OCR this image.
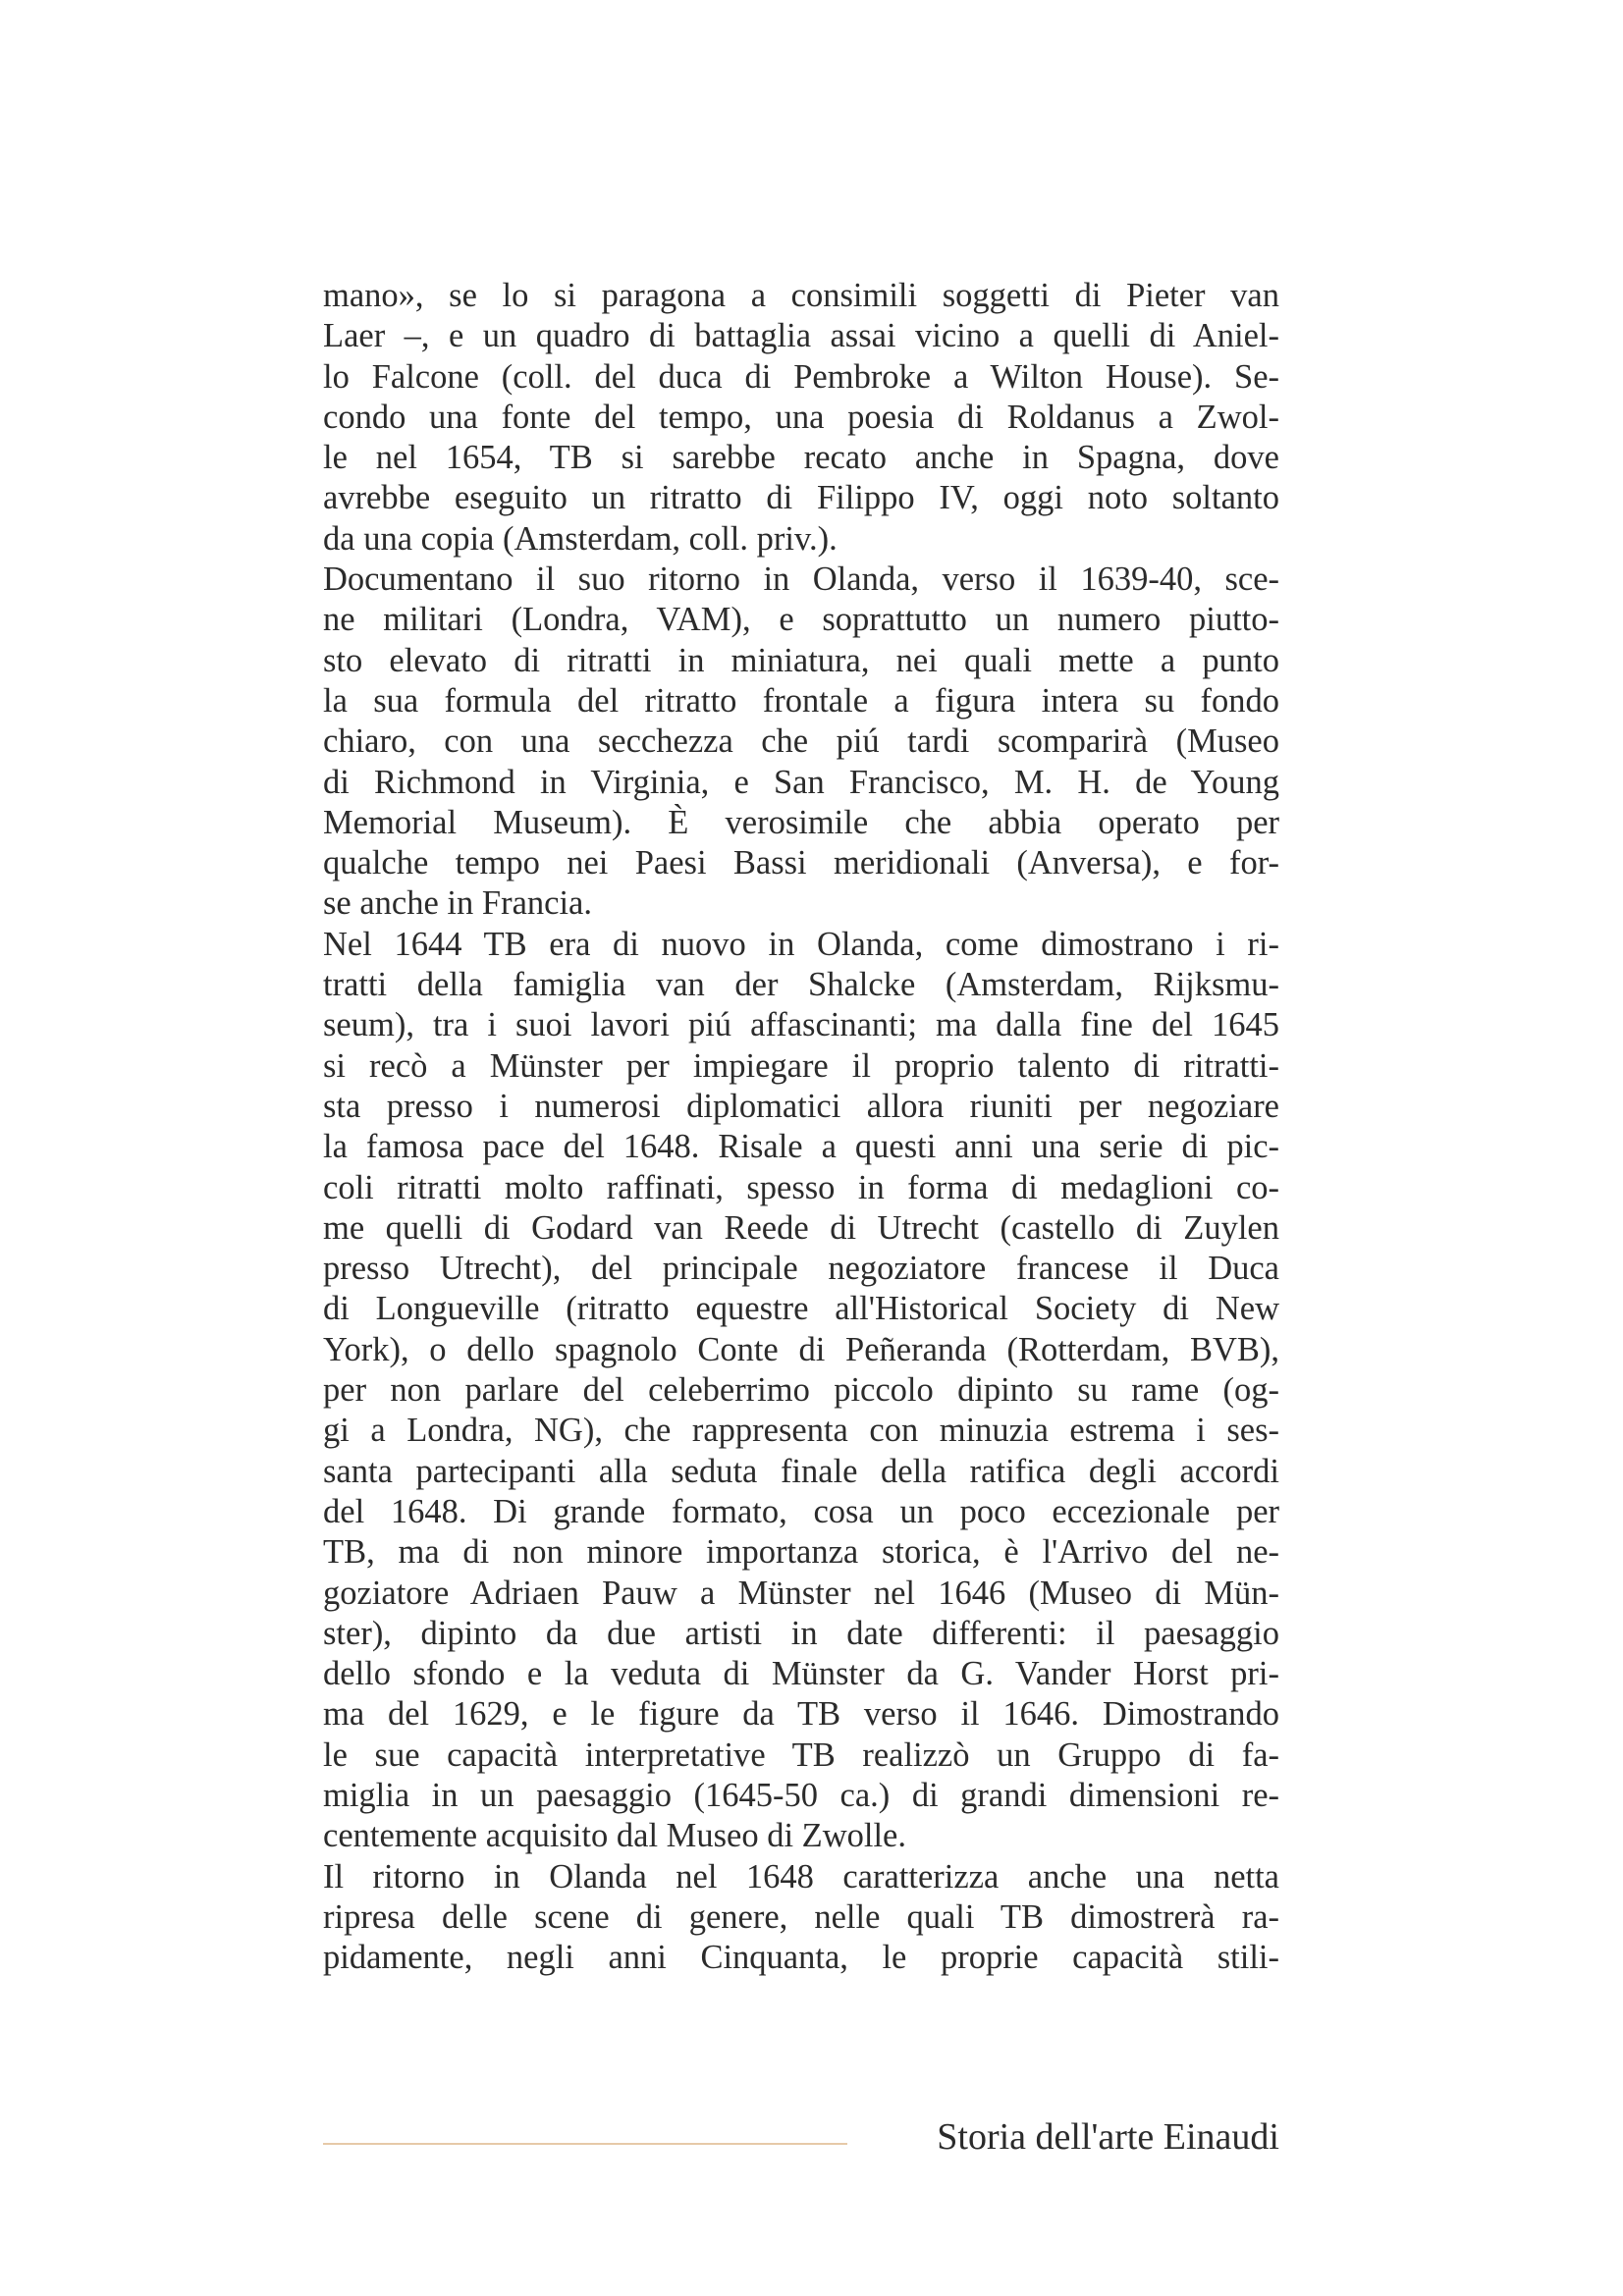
mano», se lo si paragona a consimili soggetti di Pieter van
Laer –, e un quadro di battaglia assai vicino a quelli di Aniel-
lo Falcone (coll. del duca di Pembroke a Wilton House). Se-
condo una fonte del tempo, una poesia di Roldanus a Zwol-
le nel 1654, TB si sarebbe recato anche in Spagna, dove
avrebbe eseguito un ritratto di Filippo IV, oggi noto soltanto
da una copia (Amsterdam, coll. priv.).
Documentano il suo ritorno in Olanda, verso il 1639-40, sce-
ne militari (Londra, VAM), e soprattutto un numero piutto-
sto elevato di ritratti in miniatura, nei quali mette a punto
la sua formula del ritratto frontale a figura intera su fondo
chiaro, con una secchezza che piú tardi scomparirà (Museo
di Richmond in Virginia, e San Francisco, M. H. de Young
Memorial Museum). È verosimile che abbia operato per
qualche tempo nei Paesi Bassi meridionali (Anversa), e for-
se anche in Francia.
Nel 1644 TB era di nuovo in Olanda, come dimostrano i ri-
tratti della famiglia van der Shalcke (Amsterdam, Rijksmu-
seum), tra i suoi lavori piú affascinanti; ma dalla fine del 1645
si recò a Münster per impiegare il proprio talento di ritratti-
sta presso i numerosi diplomatici allora riuniti per negoziare
la famosa pace del 1648. Risale a questi anni una serie di pic-
coli ritratti molto raffinati, spesso in forma di medaglioni co-
me quelli di Godard van Reede di Utrecht (castello di Zuylen
presso Utrecht), del principale negoziatore francese il Duca
di Longueville (ritratto equestre all'Historical Society di New
York), o dello spagnolo Conte di Peñeranda (Rotterdam, BVB),
per non parlare del celeberrimo piccolo dipinto su rame (og-
gi a Londra, NG), che rappresenta con minuzia estrema i ses-
santa partecipanti alla seduta finale della ratifica degli accordi
del 1648. Di grande formato, cosa un poco eccezionale per
TB, ma di non minore importanza storica, è l'Arrivo del ne-
goziatore Adriaen Pauw a Münster nel 1646 (Museo di Mün-
ster), dipinto da due artisti in date differenti: il paesaggio
dello sfondo e la veduta di Münster da G. Vander Horst pri-
ma del 1629, e le figure da TB verso il 1646. Dimostrando
le sue capacità interpretative TB realizzò un Gruppo di fa-
miglia in un paesaggio (1645-50 ca.) di grandi dimensioni re-
centemente acquisito dal Museo di Zwolle.
Il ritorno in Olanda nel 1648 caratterizza anche una netta
ripresa delle scene di genere, nelle quali TB dimostrerà ra-
pidamente, negli anni Cinquanta, le proprie capacità stili-
Storia dell'arte Einaudi
